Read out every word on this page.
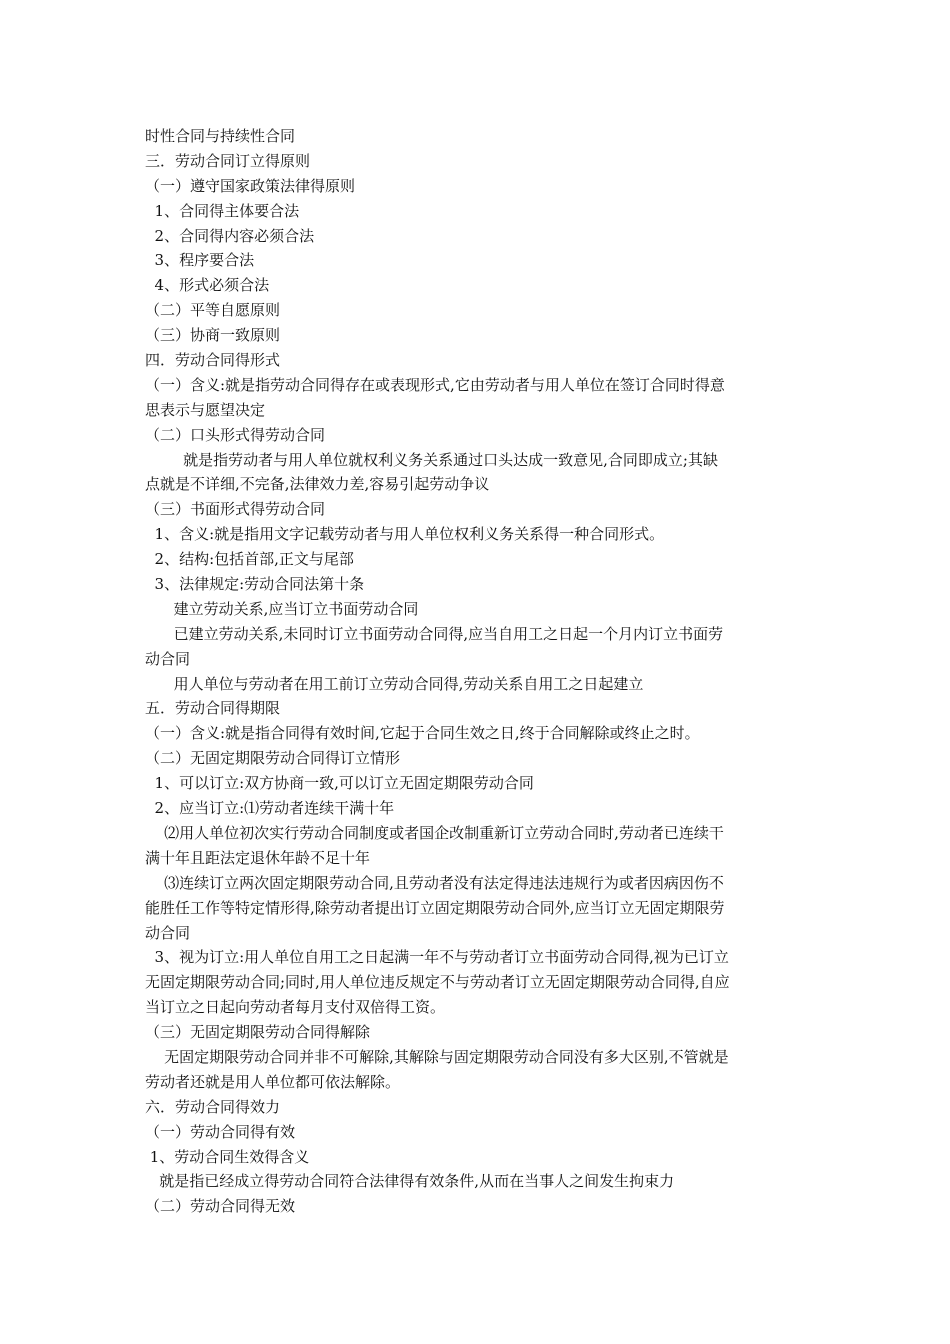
时性合同与持续性合同
三．劳动合同订立得原则
（一）遵守国家政策法律得原则
1、合同得主体要合法
2、合同得内容必须合法
3、程序要合法
4、形式必须合法
（二）平等自愿原则
（三）协商一致原则
四．劳动合同得形式
（一）含义:就是指劳动合同得存在或表现形式,它由劳动者与用人单位在签订合同时得意
思表示与愿望决定
（二）口头形式得劳动合同
就是指劳动者与用人单位就权利义务关系通过口头达成一致意见,合同即成立;其缺
点就是不详细,不完备,法律效力差,容易引起劳动争议
（三）书面形式得劳动合同
1、含义:就是指用文字记载劳动者与用人单位权利义务关系得一种合同形式。
2、结构:包括首部,正文与尾部
3、法律规定:劳动合同法第十条
建立劳动关系,应当订立书面劳动合同
已建立劳动关系,未同时订立书面劳动合同得,应当自用工之日起一个月内订立书面劳
动合同
用人单位与劳动者在用工前订立劳动合同得,劳动关系自用工之日起建立
五．劳动合同得期限
（一）含义:就是指合同得有效时间,它起于合同生效之日,终于合同解除或终止之时。
（二）无固定期限劳动合同得订立情形
1、可以订立:双方协商一致,可以订立无固定期限劳动合同
2、应当订立:⑴劳动者连续干满十年
⑵用人单位初次实行劳动合同制度或者国企改制重新订立劳动合同时,劳动者已连续干
满十年且距法定退休年龄不足十年
⑶连续订立两次固定期限劳动合同,且劳动者没有法定得违法违规行为或者因病因伤不
能胜任工作等特定情形得,除劳动者提出订立固定期限劳动合同外,应当订立无固定期限劳
动合同
3、视为订立:用人单位自用工之日起满一年不与劳动者订立书面劳动合同得,视为已订立
无固定期限劳动合同;同时,用人单位违反规定不与劳动者订立无固定期限劳动合同得,自应
当订立之日起向劳动者每月支付双倍得工资。
（三）无固定期限劳动合同得解除
无固定期限劳动合同并非不可解除,其解除与固定期限劳动合同没有多大区别,不管就是
劳动者还就是用人单位都可依法解除。
六．劳动合同得效力
（一）劳动合同得有效
1、劳动合同生效得含义
就是指已经成立得劳动合同符合法律得有效条件,从而在当事人之间发生拘束力
（二）劳动合同得无效
